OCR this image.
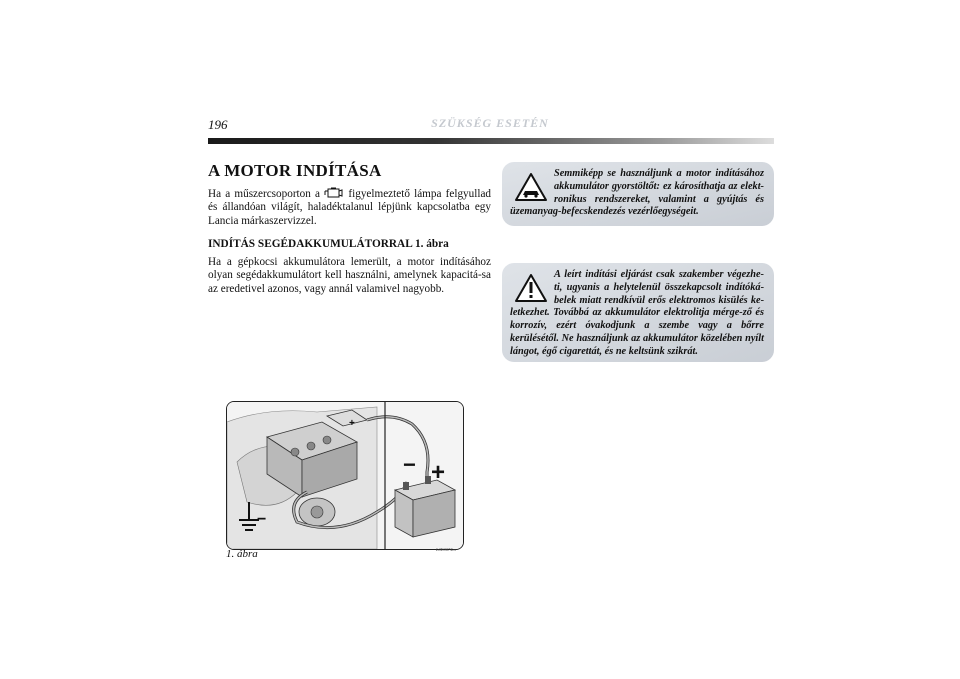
196	SZÜKSÉG ESETÉN
A MOTOR INDÍTÁSA
Ha a műszercsoporton a	figyelmeztető lámpa felgyullad és állandóan világít, haladéktalanul lépjünk kapcsolatba egy Lancia márkaszervizzel.
INDÍTÁS SEGÉDAKKUMULÁTORRAL 1. ábra
Ha a gépkocsi akkumulátora lemerült, a motor indításához olyan segédakkumulátort kell használni, amelynek kapacitá-sa az eredetivel azonos, vagy annál valamivel nagyobb.
Semmiképp se használjunk a motor indításához akkumulátor gyorstöltőt: ez károsíthatja az elekt-ronikus rendszereket, valamint a gyújtás és üzemanyag-befecskendezés vezérlőegységeit.
A leírt indítási eljárást csak szakember végezhe-ti, ugyanis a helytelenül összekapcsolt indítóká-belek miatt rendkívül erős elektromos kisülés ke-letkezhet. Továbbá az akkumulátor elektrolitja mérge-ző és korrozív, ezért óvakodjunk a szembe vagy a bőrre kerülésétől. Ne használjunk az akkumulátor közelében nyílt lángot, égő cigarettát, és ne keltsünk szikrát.
+
− +
−
L0E0074m
1. ábra
